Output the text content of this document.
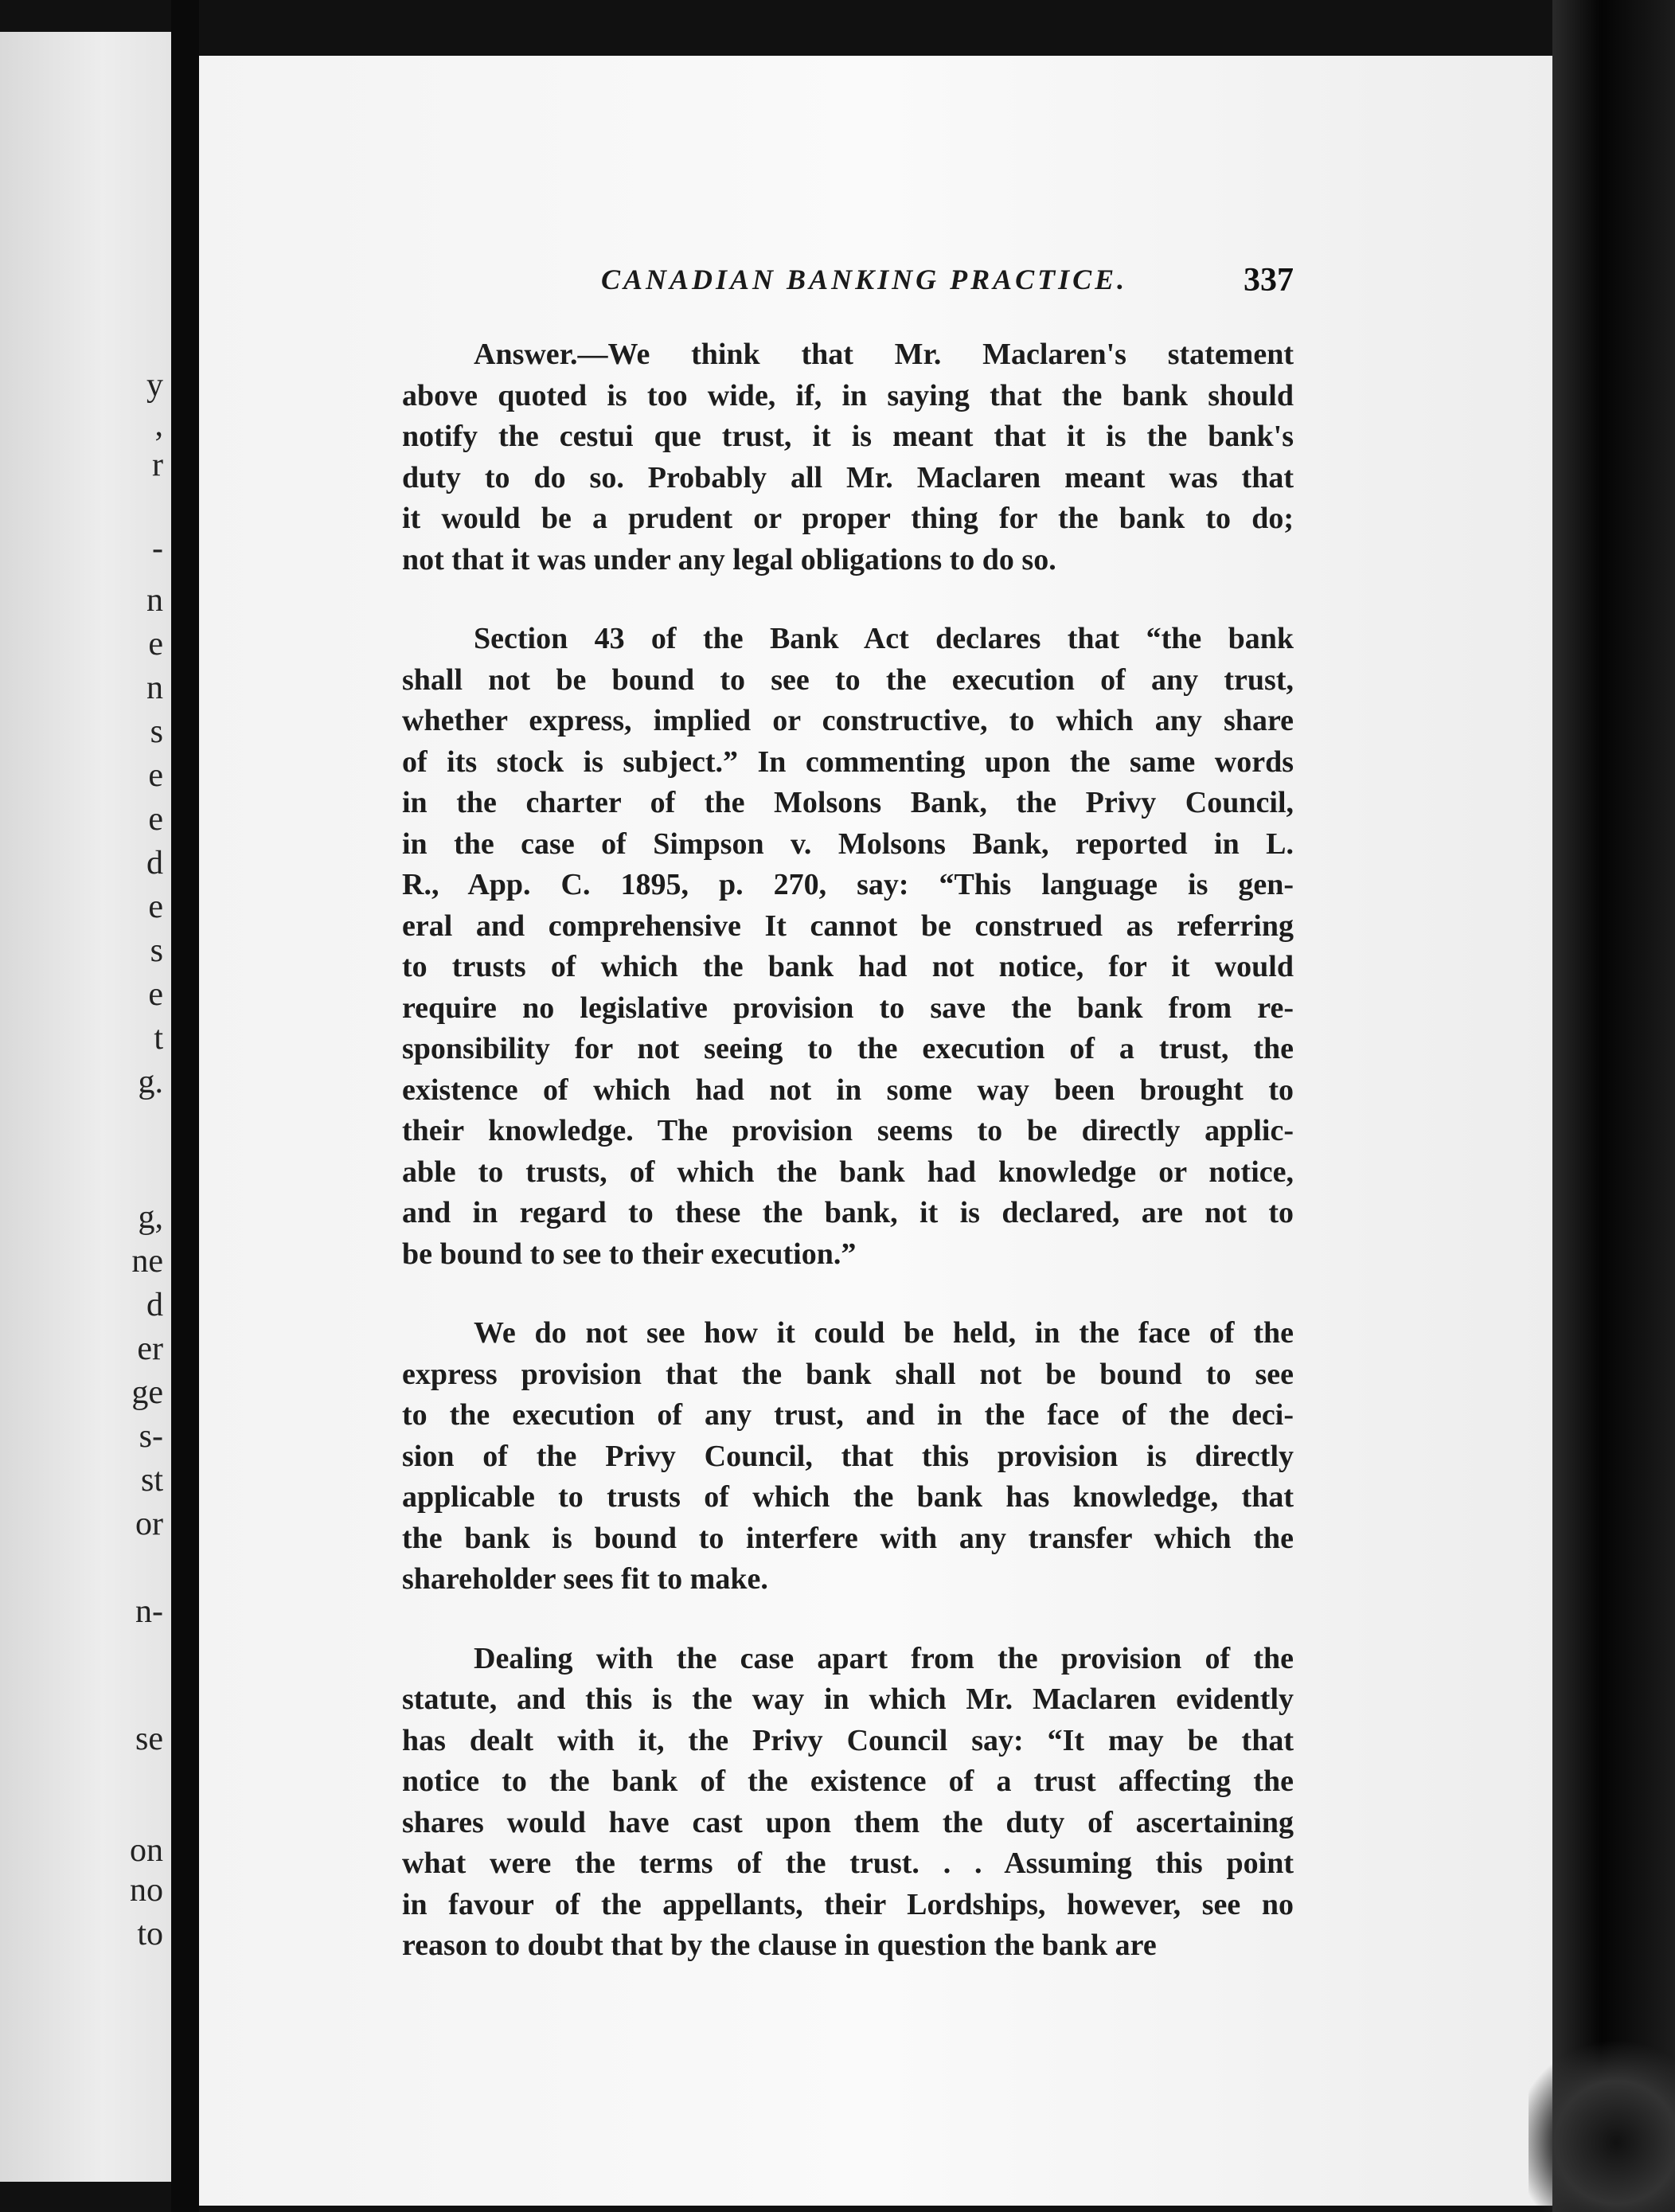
y
,
r
-
n
e
n
s
e
e
d
e
s
e
t
g.
g,
ne
d
er
ge
s-
st
or
n-
se
on
no
to
CANADIAN BANKING PRACTICE.	337
Answer.—We think that Mr. Maclaren's statement
above quoted is too wide, if, in saying that the bank should
notify the cestui que trust, it is meant that it is the bank's
duty to do so. Probably all Mr. Maclaren meant was that
it would be a prudent or proper thing for the bank to do;
not that it was under any legal obligations to do so.
Section 43 of the Bank Act declares that “the bank
shall not be bound to see to the execution of any trust,
whether express, implied or constructive, to which any share
of its stock is subject.” In commenting upon the same words
in the charter of the Molsons Bank, the Privy Council,
in the case of Simpson v. Molsons Bank, reported in L.
R., App. C. 1895, p. 270, say: “This language is gen-
eral and comprehensive It cannot be construed as referring
to trusts of which the bank had not notice, for it would
require no legislative provision to save the bank from re-
sponsibility for not seeing to the execution of a trust, the
existence of which had not in some way been brought to
their knowledge. The provision seems to be directly applic-
able to trusts, of which the bank had knowledge or notice,
and in regard to these the bank, it is declared, are not to
be bound to see to their execution.”
We do not see how it could be held, in the face of the
express provision that the bank shall not be bound to see
to the execution of any trust, and in the face of the deci-
sion of the Privy Council, that this provision is directly
applicable to trusts of which the bank has knowledge, that
the bank is bound to interfere with any transfer which the
shareholder sees fit to make.
Dealing with the case apart from the provision of the
statute, and this is the way in which Mr. Maclaren evidently
has dealt with it, the Privy Council say: “It may be that
notice to the bank of the existence of a trust affecting the
shares would have cast upon them the duty of ascertaining
what were the terms of the trust. . . Assuming this point
in favour of the appellants, their Lordships, however, see no
reason to doubt that by the clause in question the bank are
